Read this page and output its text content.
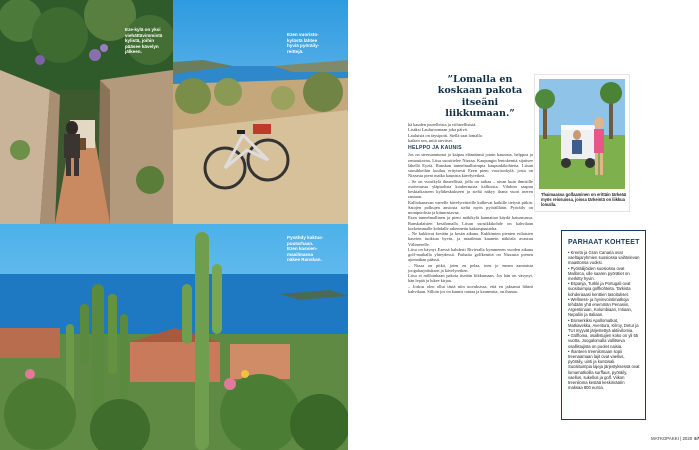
Eze-kylä on yksi
viehättävimmistä
kylistä, joihin
pääsee kävelyn
jälkeen.
Ezen vuoristo-
kylästä lähtee
hyviä pyöräily-
reittejä.
Pysähdy kaktus-
puutarhaan.
Ezen kasvien-
maailmassa
näkee Ranskan.
”Lomalla en
koskaan pakota
itseäni liikkumaan.”

kä kauden juurelleista ja viihteellisistä.

Lisäksi Lauluroomaan joka päivä.

Lauluista on täysipotti. Siellä saat lomalla

kaiken sen, mitä tarvitset.

HELPPO JA KAUNIS

Jos on stressaantunut ja kaipaa elämäänsä jotain kaunista, helppoa ja rentouttavaa, Liisa suosittelee Nizzaa. Kaupungin lentokenttä sijaitsee lähellä Eyziä. Ranskan tunnelmallisimpia kaupunkikohteita. Liisan suosikkeihin kuuluu erityisesti Ezen pieni vuoristokylä, josta on Nizzasta pieni matka kaunista kävelyretkeä.

– Se on vuorikylä ihmeellistä, jolla on taikaa – aivan kuin ihmisille osoitetuista yläpuolista koukerasista kallioista. Vihdoin saapuu keskiaikaiseen kyläkeskukseen ja sieltä näkyy ihana vuori meren rantaan.

Kalliokanavan varrelle kävelyreitteille kulkevat kaikille tietysti pitkin. Satojen polkujen ansiosta sieltä myös pyöräillään. Pyöräily on monipuolista ja kiinnostavaa.

Ezen tunnelmallinen ja pieni mäkikylä kannattaa käydä katsomassa. Ranskalaisten kesälomalla Liisan suosikkikohde on kahvilaan korkeimmalle kohdalle rakennettu kaktuspuutarha.

– Ne kukkivat kevään ja kesän aikana. Kukkimien pienien erilaisten kasvien tuoksuu hyvin, ja maailman kaunein näköala avautuu Välimerelle.

Liisa on käynyt Ezessä kahdesti Rivieralla kymmenen vuoden aikana golf-matkalla yhteydessä. Parhaita golfkenttiä on Nizzasta pienen ajomatkan päässä.

– Nizza on pitkä, joten en pelaa, teen jo ennen aamiaista joogaharjoituksen ja kävelyretken.

Liisa ei milloinkaan pakota itseään liikkumaan. Jos hän on väsynyt, hän lepää ja lukee kirjaa.

– Joskus olen ollut tästä niin uuvuksissa, että en jaksanut lähteä kahvilaan. Silloin jos on kaunis rantaa ja kauneutta, on ihanaa.

Thaimaassa golfaaminen on erittäin tärkeää myös reissuissa, joissa tärkeintä on liikkua lomalla.
PARHAAT KOHTEET
• Kreeta ja Gran Canaria ovat vaeltajaryhmien suosiossa vaihtelevan maastonsa vuoksi.
• Pyöräilijöiden suosiossa ovat Mallorca, ulle saaren pyörätiet on merkitty hyvin.
• Espanja, Turkki ja Portugali ovat suosituimpia golfkohteita. Tarkista kohderaaasi kenttien tasoitukset.
• Wellness- ja hyvinvointimatkoja tehdään yhä enemmän Penaniin, Argentiinaan, Kolumbiaan, Intiaan, Nepaliin ja Italiaan.
• Esimerkiksi Apollomatkat, Matkavekka, Aventura, Kilroy, Detur ja TUI myyvät järjestettyä aktiivilomia.
• Golfloma, osallistujien koko on yli 55 vuotta. Joogalomalla vallitseva osallistujista on puolet naisia.
• Ihanteen treenilomaan sopii treenaamaan lajit ovat vaellus, pyöräily, uinti ja kuntosali. Suosituimpia lajeja järjestyksessä ovat lomamatkoilla surffaus, pyöräily, vaellus, sukellus ja golf. Viikon treeniloma kestää keskimäärin maksaa 800 euroa.
MATKOPAKKI | 2020 67
